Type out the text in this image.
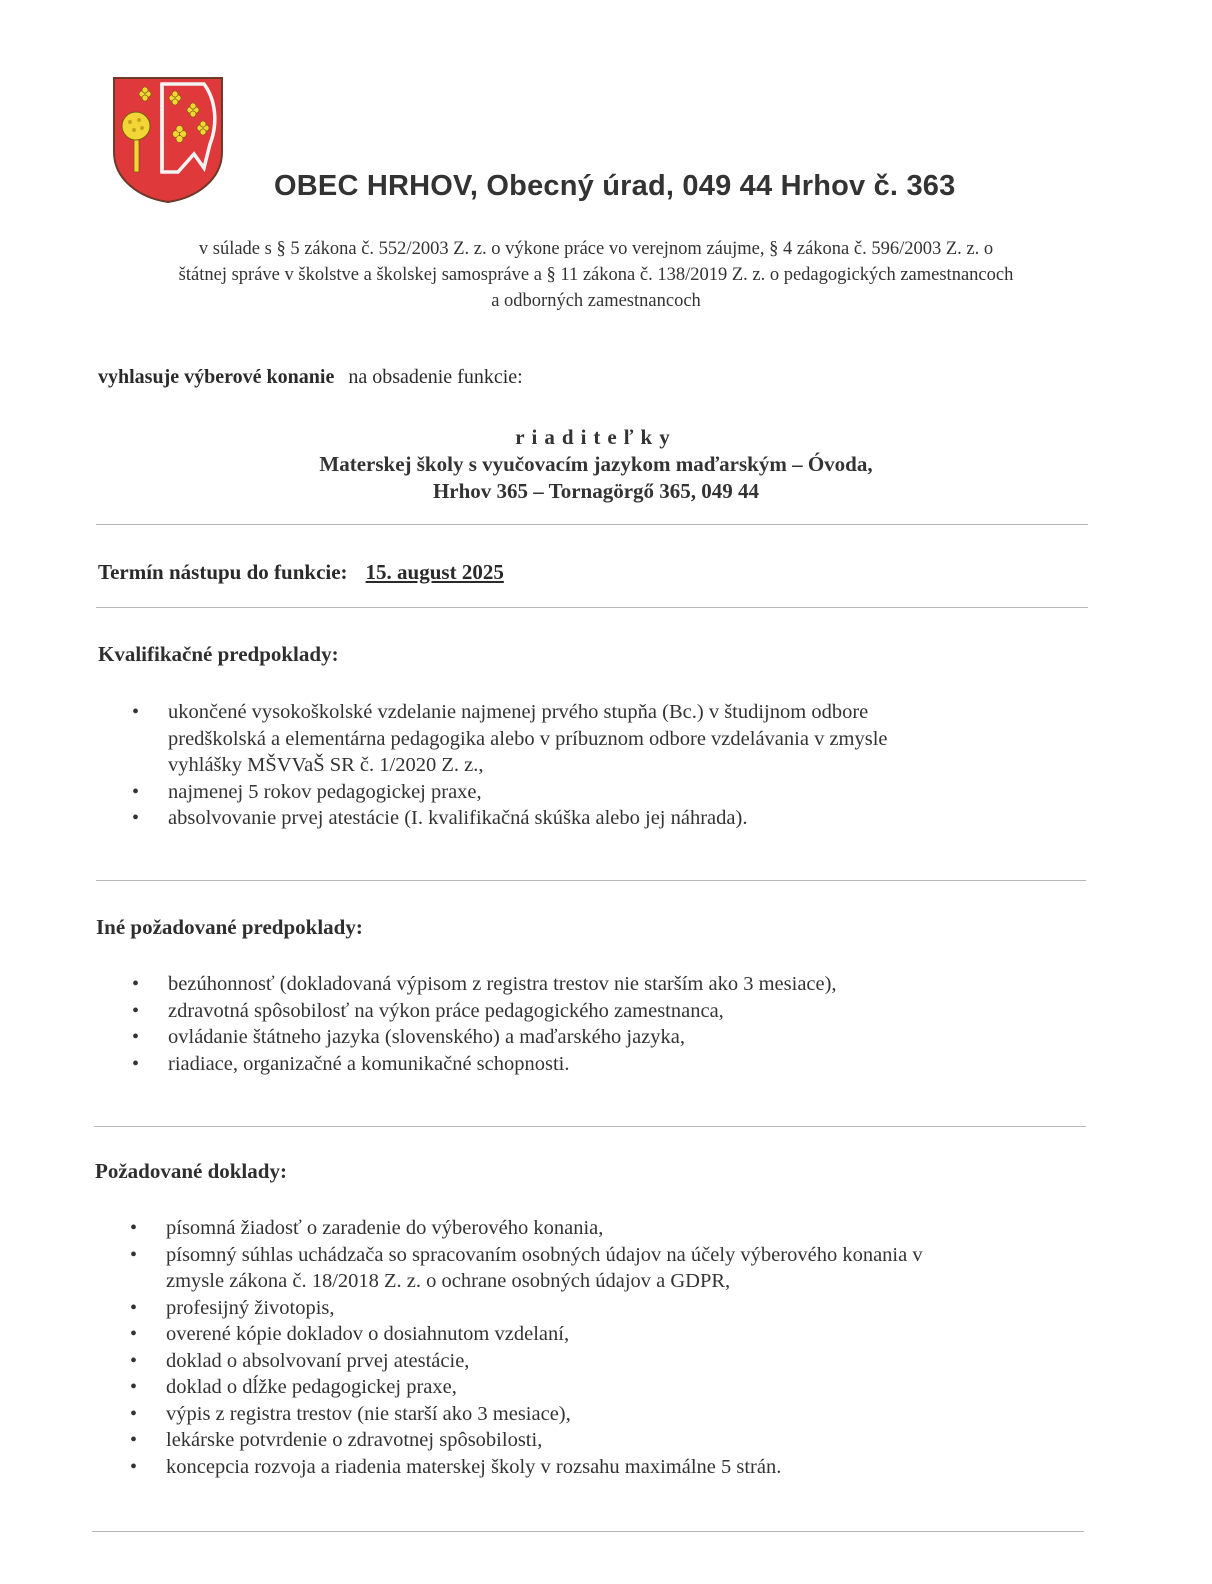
OBEC HRHOV, Obecný úrad, 049 44 Hrhov č. 363
v súlade s § 5 zákona č. 552/2003 Z. z. o výkone práce vo verejnom záujme, § 4 zákona č. 596/2003 Z. z. o
štátnej správe v školstve a školskej samospráve a § 11 zákona č. 138/2019 Z. z. o pedagogických zamestnancoch
a odborných zamestnancoch
vyhlasuje výberové konanie na obsadenie funkcie:
riaditeľky
Materskej školy s vyučovacím jazykom maďarským – Óvoda,
Hrhov 365 – Tornagörgő 365, 049 44
Termín nástupu do funkcie: 15. august 2025
Kvalifikačné predpoklady:
• ukončené vysokoškolské vzdelanie najmenej prvého stupňa (Bc.) v študijnom odbore
predškolská a elementárna pedagogika alebo v príbuznom odbore vzdelávania v zmysle
vyhlášky MŠVVaŠ SR č. 1/2020 Z. z.,
• najmenej 5 rokov pedagogickej praxe,
• absolvovanie prvej atestácie (I. kvalifikačná skúška alebo jej náhrada).
Iné požadované predpoklady:
• bezúhonnosť (dokladovaná výpisom z registra trestov nie starším ako 3 mesiace),
• zdravotná spôsobilosť na výkon práce pedagogického zamestnanca,
• ovládanie štátneho jazyka (slovenského) a maďarského jazyka,
• riadiace, organizačné a komunikačné schopnosti.
Požadované doklady:
• písomná žiadosť o zaradenie do výberového konania,
• písomný súhlas uchádzača so spracovaním osobných údajov na účely výberového konania v
zmysle zákona č. 18/2018 Z. z. o ochrane osobných údajov a GDPR,
• profesijný životopis,
• overené kópie dokladov o dosiahnutom vzdelaní,
• doklad o absolvovaní prvej atestácie,
• doklad o dĺžke pedagogickej praxe,
• výpis z registra trestov (nie starší ako 3 mesiace),
• lekárske potvrdenie o zdravotnej spôsobilosti,
• koncepcia rozvoja a riadenia materskej školy v rozsahu maximálne 5 strán.
